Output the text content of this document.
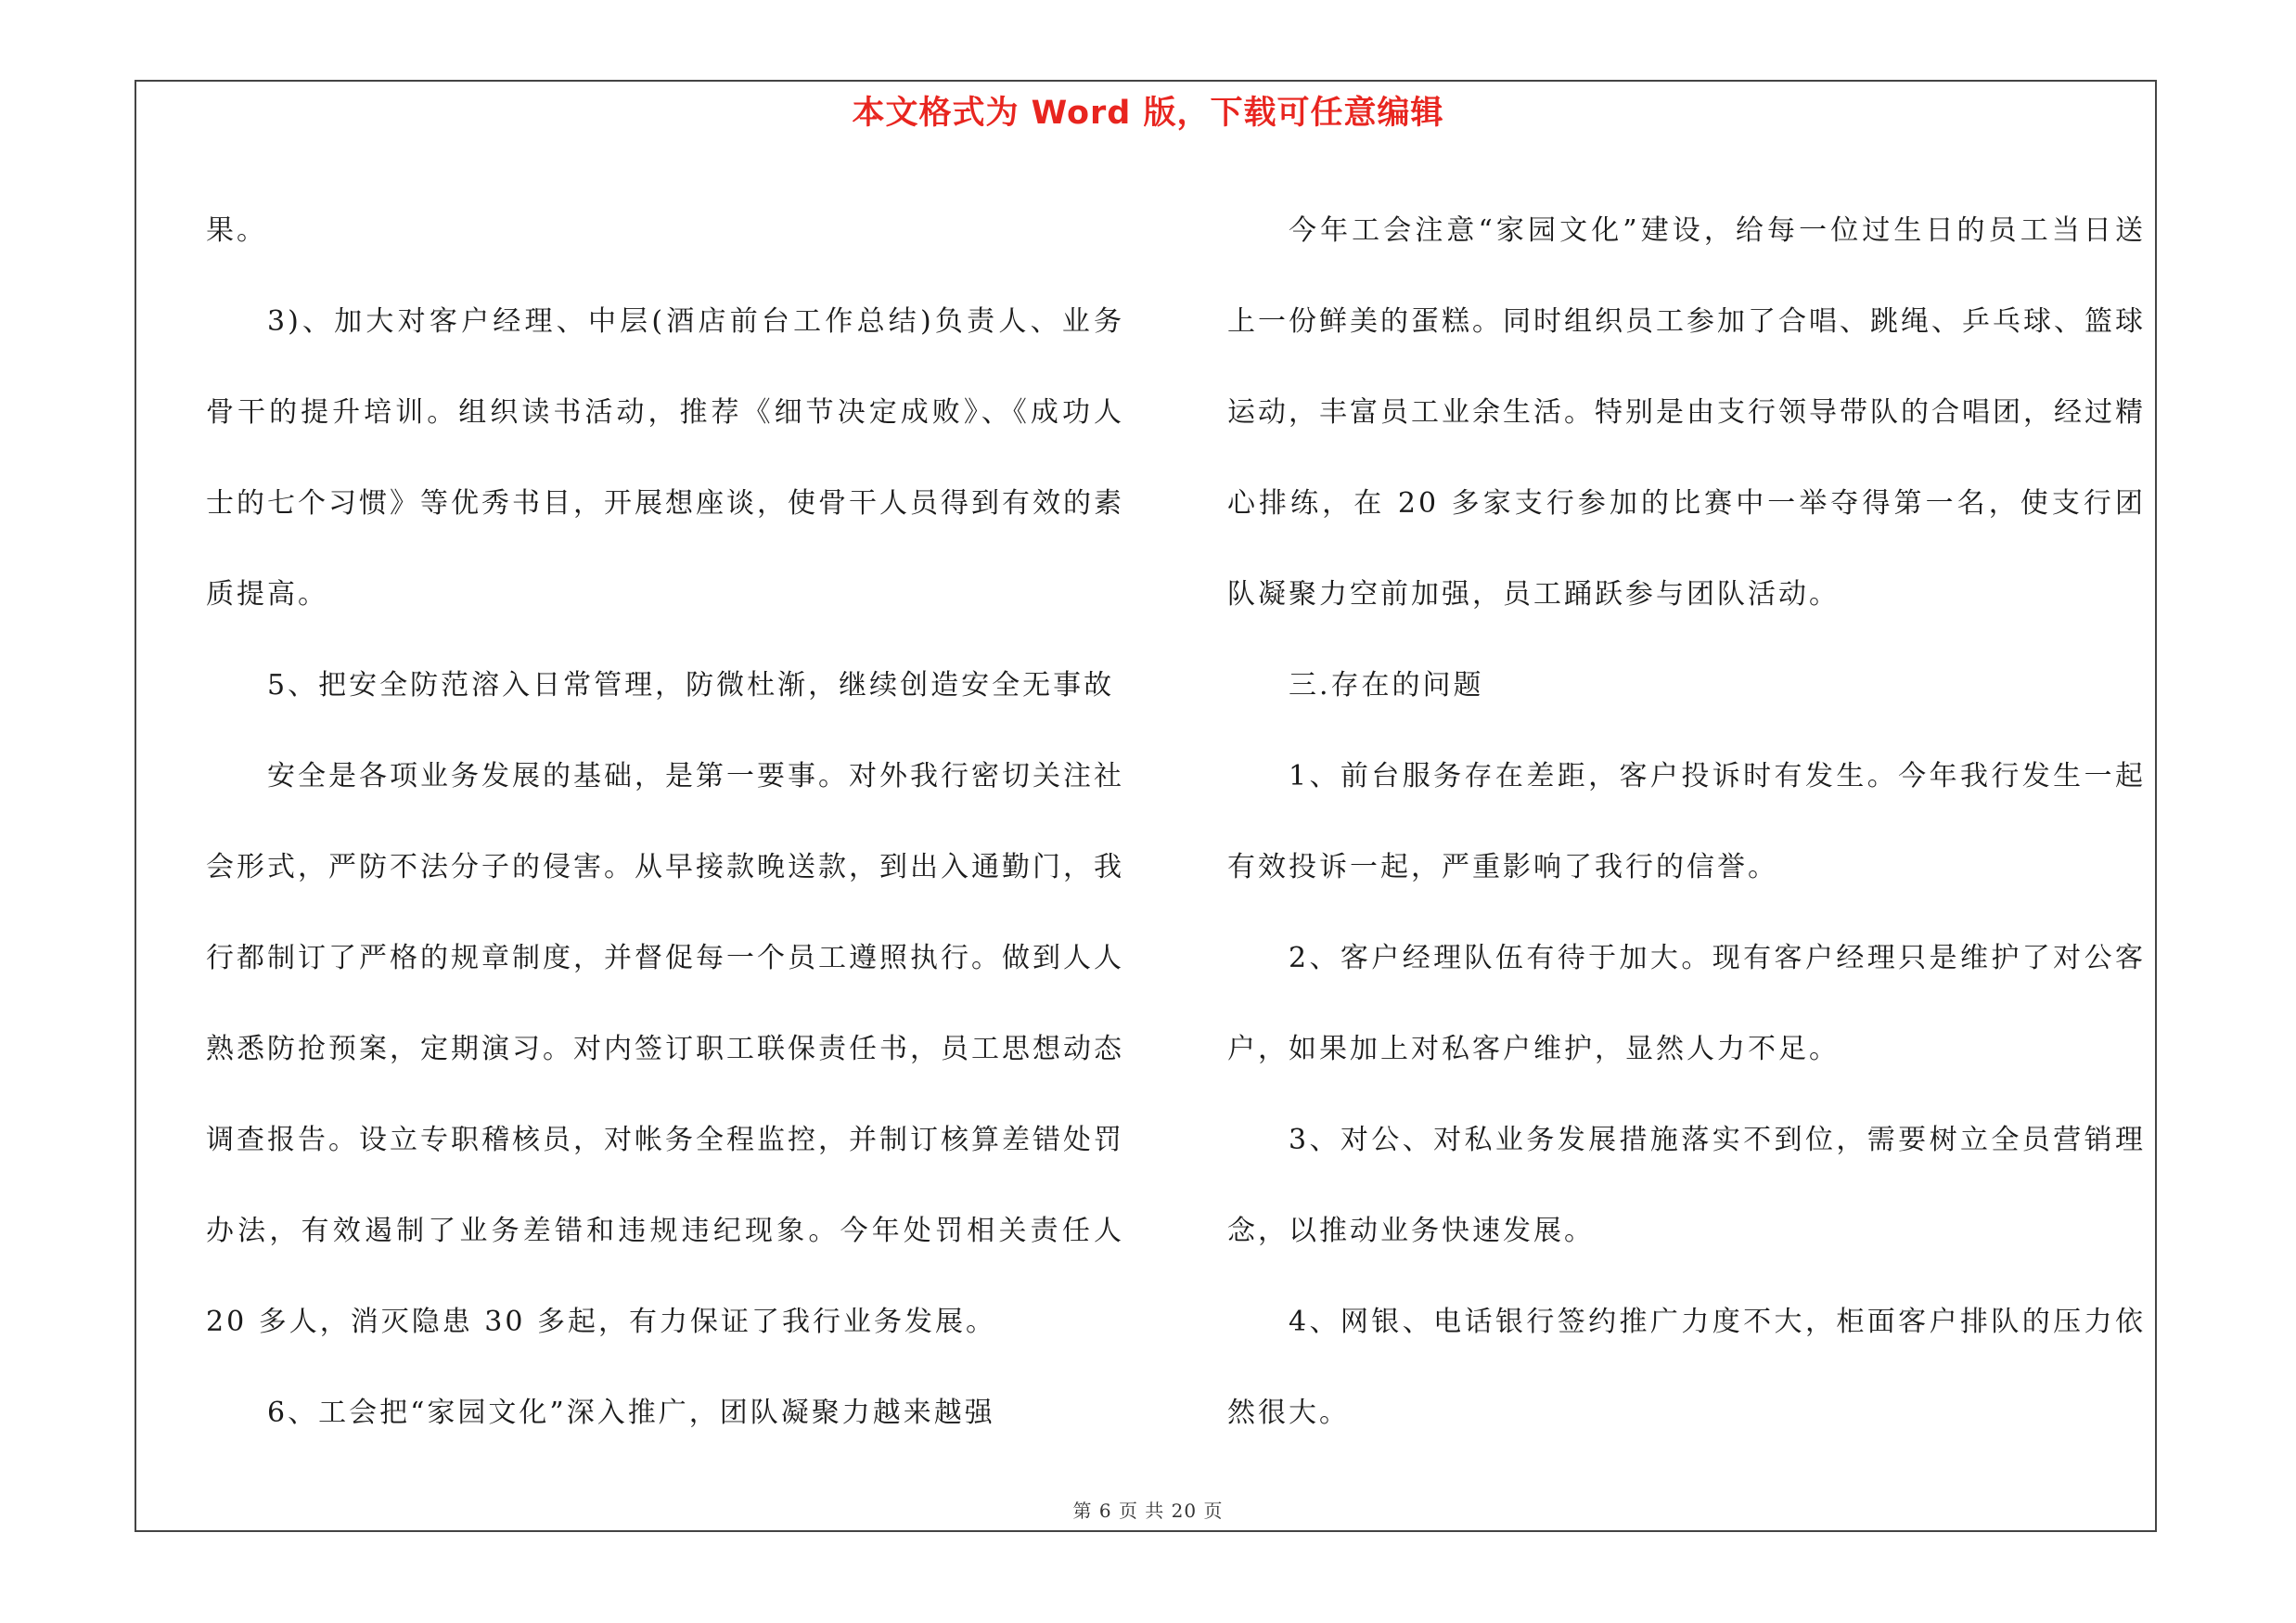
本文格式为 Word 版，下载可任意编辑

果。

3)、加大对客户经理、中层(酒店前台工作总结)负责人、业务骨干的提升培训。组织读书活动，推荐《细节决定成败》、《成功人士的七个习惯》等优秀书目，开展想座谈，使骨干人员得到有效的素质提高。

5、把安全防范溶入日常管理，防微杜渐，继续创造安全无事故

安全是各项业务发展的基础，是第一要事。对外我行密切关注社会形式，严防不法分子的侵害。从早接款晚送款，到出入通勤门，我行都制订了严格的规章制度，并督促每一个员工遵照执行。做到人人熟悉防抢预案，定期演习。对内签订职工联保责任书，员工思想动态调查报告。设立专职稽核员，对帐务全程监控，并制订核算差错处罚办法，有效遏制了业务差错和违规违纪现象。今年处罚相关责任人 20 多人，消灭隐患 30 多起，有力保证了我行业务发展。

6、工会把“家园文化”深入推广，团队凝聚力越来越强

今年工会注意“家园文化”建设，给每一位过生日的员工当日送上一份鲜美的蛋糕。同时组织员工参加了合唱、跳绳、乒乓球、篮球运动，丰富员工业余生活。特别是由支行领导带队的合唱团，经过精心排练，在 20 多家支行参加的比赛中一举夺得第一名，使支行团队凝聚力空前加强，员工踊跃参与团队活动。

三.存在的问题

1、前台服务存在差距，客户投诉时有发生。今年我行发生一起有效投诉一起，严重影响了我行的信誉。

2、客户经理队伍有待于加大。现有客户经理只是维护了对公客户，如果加上对私客户维护，显然人力不足。

3、对公、对私业务发展措施落实不到位，需要树立全员营销理念，以推动业务快速发展。

4、网银、电话银行签约推广力度不大，柜面客户排队的压力依然很大。

第 6 页 共 20 页
